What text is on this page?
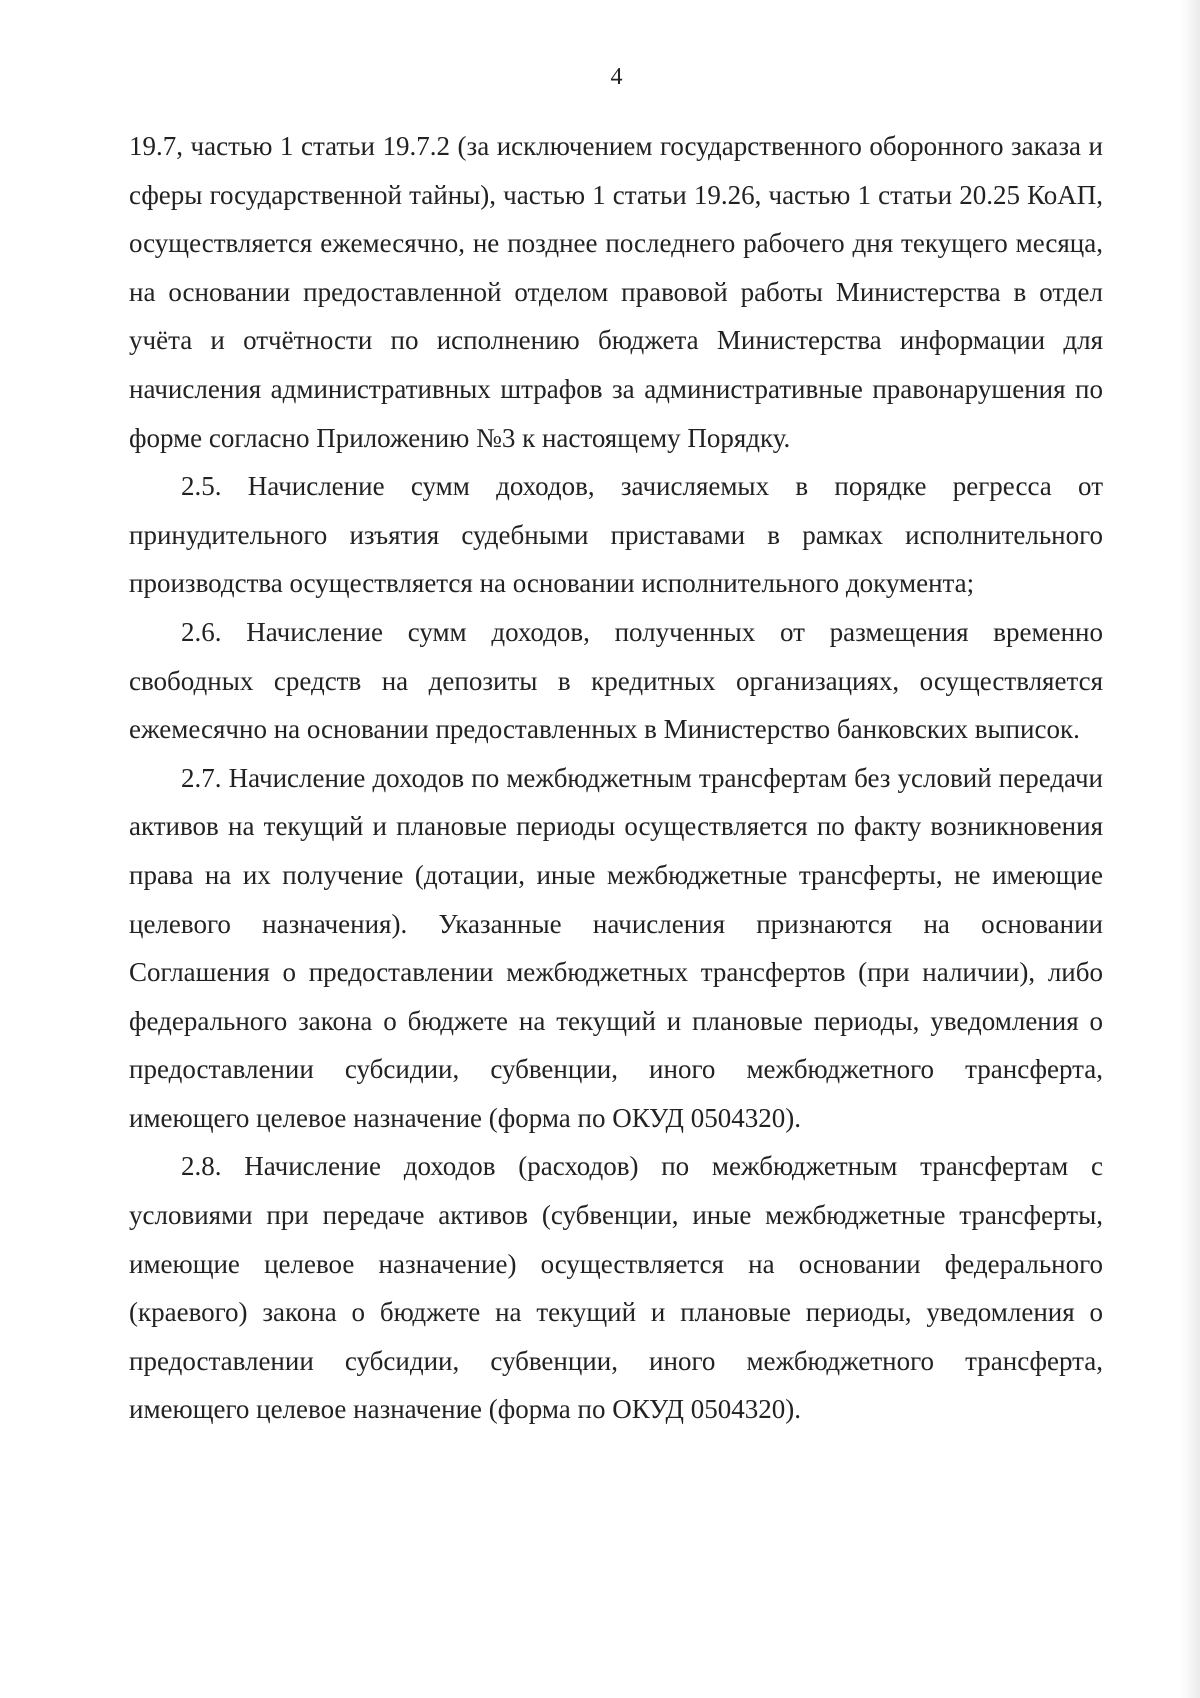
4

19.7, частью 1 статьи 19.7.2 (за исключением государственного оборонного заказа и сферы государственной тайны), частью 1 статьи 19.26, частью 1 статьи 20.25 КоАП, осуществляется ежемесячно, не позднее последнего рабочего дня текущего месяца, на основании предоставленной отделом правовой работы Министерства в отдел учёта и отчётности по исполнению бюджета Министерства информации для начисления административных штрафов за административные правонарушения по форме согласно Приложению №3 к настоящему Порядку.

2.5. Начисление сумм доходов, зачисляемых в порядке регресса от принудительного изъятия судебными приставами в рамках исполнительного производства осуществляется на основании исполнительного документа;

2.6. Начисление сумм доходов, полученных от размещения временно свободных средств на депозиты в кредитных организациях, осуществляется ежемесячно на основании предоставленных в Министерство банковских выписок.

2.7. Начисление доходов по межбюджетным трансфертам без условий передачи активов на текущий и плановые периоды осуществляется по факту возникновения права на их получение (дотации, иные межбюджетные трансферты, не имеющие целевого назначения). Указанные начисления признаются на основании Соглашения о предоставлении межбюджетных трансфертов (при наличии), либо федерального закона о бюджете на текущий и плановые периоды, уведомления о предоставлении субсидии, субвенции, иного межбюджетного трансферта, имеющего целевое назначение (форма по ОКУД 0504320).

2.8. Начисление доходов (расходов) по межбюджетным трансфертам с условиями при передаче активов (субвенции, иные межбюджетные трансферты, имеющие целевое назначение) осуществляется на основании федерального (краевого) закона о бюджете на текущий и плановые периоды, уведомления о предоставлении субсидии, субвенции, иного межбюджетного трансферта, имеющего целевое назначение (форма по ОКУД 0504320).
